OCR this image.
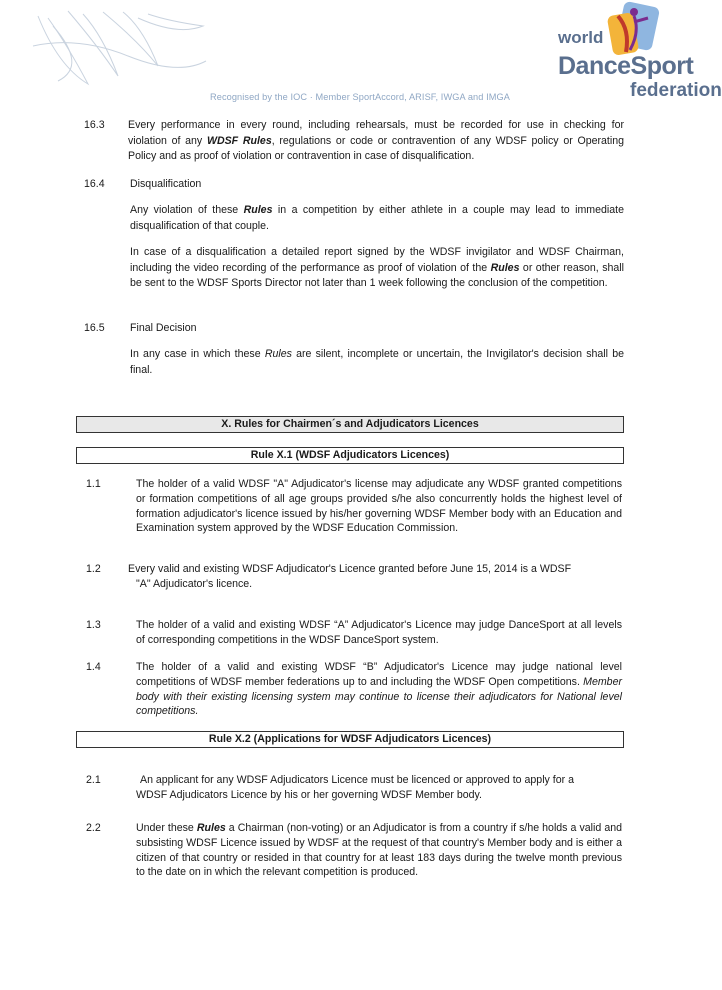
Recognised by the IOC · Member SportAccord, ARISF, IWGA and IMGA
world
DanceSport
federation
16.3 Every performance in every round, including rehearsals, must be recorded for use in checking for violation of any WDSF Rules, regulations or code or contravention of any WDSF policy or Operating Policy and as proof of violation or contravention in case of disqualification.
16.4 Disqualification
Any violation of these Rules in a competition by either athlete in a couple may lead to immediate disqualification of that couple.
In case of a disqualification a detailed report signed by the WDSF invigilator and WDSF Chairman, including the video recording of the performance as proof of violation of the Rules or other reason, shall be sent to the WDSF Sports Director not later than 1 week following the conclusion of the competition.
16.5 Final Decision
In any case in which these Rules are silent, incomplete or uncertain, the Invigilator's decision shall be final.
X. Rules for Chairmen´s and Adjudicators Licences
Rule X.1 (WDSF Adjudicators Licences)
1.1	The holder of a valid WDSF "A" Adjudicator's license may adjudicate any WDSF granted competitions or formation competitions of all age groups provided s/he also concurrently holds the highest level of formation adjudicator's licence issued by his/her governing WDSF Member body with an Education and Examination system approved by the WDSF Education Commission.
1.2	Every valid and existing WDSF Adjudicator's Licence granted before June 15, 2014 is a WDSF
"A" Adjudicator's licence.
1.3	The holder of a valid and existing WDSF “A” Adjudicator's Licence may judge DanceSport at all levels of corresponding competitions in the WDSF DanceSport system.
1.4	The holder of a valid and existing WDSF “B” Adjudicator's Licence may judge national level competitions of WDSF member federations up to and including the WDSF Open competitions. Member body with their existing licensing system may continue to license their adjudicators for National level competitions.
Rule X.2 (Applications for WDSF Adjudicators Licences)
2.1	An applicant for any WDSF Adjudicators Licence must be licenced or approved to apply for a
WDSF Adjudicators Licence by his or her governing WDSF Member body.
2.2	Under these Rules a Chairman (non-voting) or an Adjudicator is from a country if s/he holds a valid and subsisting WDSF Licence issued by WDSF at the request of that country's Member body and is either a citizen of that country or resided in that country for at least 183 days during the twelve month previous to the date on in which the relevant competition is produced.
